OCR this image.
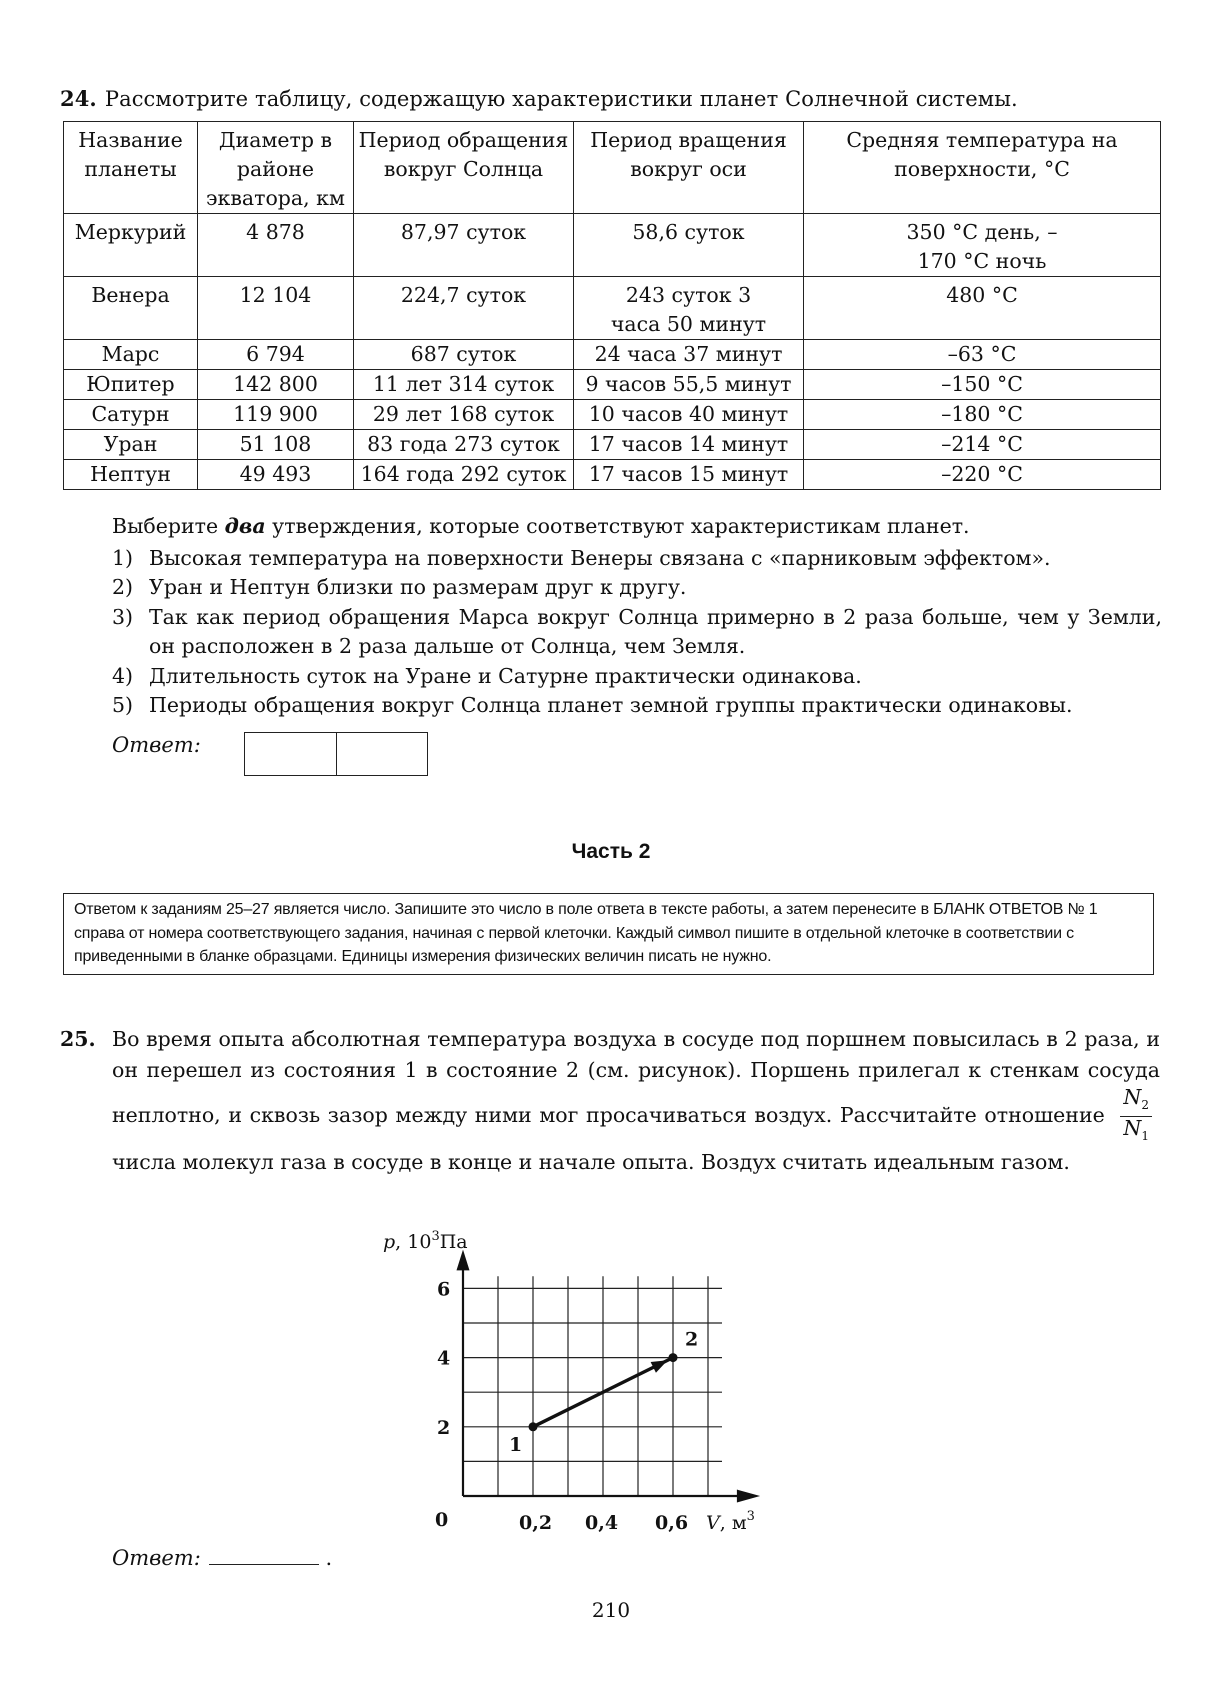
24. Рассмотрите таблицу, содержащую характеристики планет Солнечной системы.
Название планеты	Диаметр в районе экватора, км	Период обращения вокруг Солнца	Период вращения вокруг оси	Средняя температура на поверхности, °С
Меркурий	4 878	87,97 суток	58,6 суток	350 °С день, –170 °С ночь
Венера	12 104	224,7 суток	243 суток 3 часа 50 минут	480 °С
Марс	6 794	687 суток	24 часа 37 минут	–63 °С
Юпитер	142 800	11 лет 314 суток	9 часов 55,5 минут	–150 °С
Сатурн	119 900	29 лет 168 суток	10 часов 40 минут	–180 °С
Уран	51 108	83 года 273 суток	17 часов 14 минут	–214 °С
Нептун	49 493	164 года 292 суток	17 часов 15 минут	–220 °С
Выберите два утверждения, которые соответствуют характеристикам планет.
1) Высокая температура на поверхности Венеры связана с «парниковым эффектом».
2) Уран и Нептун близки по размерам друг к другу.
3) Так как период обращения Марса вокруг Солнца примерно в 2 раза больше, чем у Земли, он расположен в 2 раза дальше от Солнца, чем Земля.
4) Длительность суток на Уране и Сатурне практически одинакова.
5) Периоды обращения вокруг Солнца планет земной группы практически одинаковы.
Ответ:
Часть 2
Ответом к заданиям 25–27 является число. Запишите это число в поле ответа в тексте работы, а затем перенесите в БЛАНК ОТВЕТОВ № 1 справа от номера соответствующего задания, начиная с первой клеточки. Каждый символ пишите в отдельной клеточке в соответствии с приведенными в бланке образцами. Единицы измерения физических величин писать не нужно.
25. Во время опыта абсолютная температура воздуха в сосуде под поршнем повысилась в 2 раза, и он перешел из состояния 1 в состояние 2 (см. рисунок). Поршень прилегал к стенкам сосуда неплотно, и сквозь зазор между ними мог просачиваться воздух. Рассчитайте отношение $\frac{N_2}{N_1}$
числа молекул газа в сосуде в конце и начале опыта. Воздух считать идеальным газом.
0	0,2 0,4 0,6
2
4
6
p, $10^3Па$
V, $м^3$
1
2
Ответ:	.
210
